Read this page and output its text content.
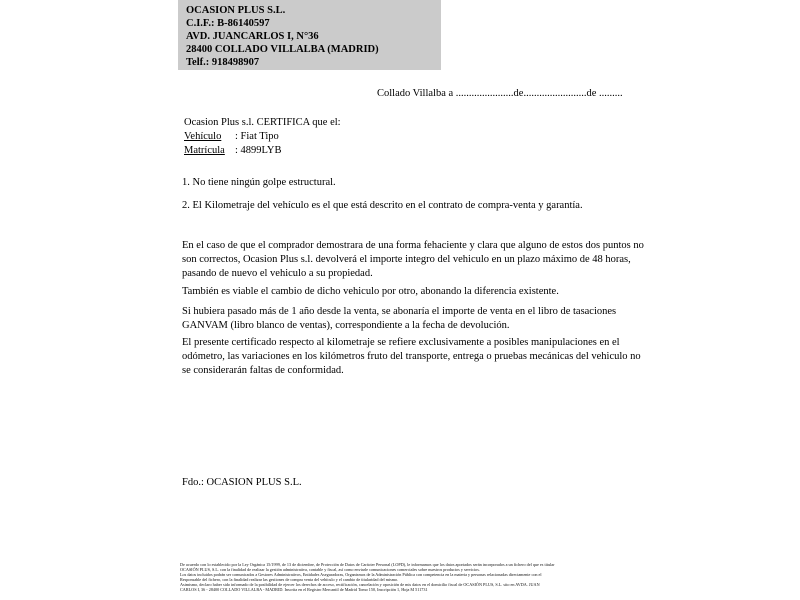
OCASION PLUS S.L.
C.I.F.: B-86140597
AVD. JUANCARLOS I, N°36
28400 COLLADO VILLALBA (MADRID)
Telf.: 918498907
Collado Villalba a ......................de........................de .........
Ocasion Plus s.l. CERTIFICA que el:
Vehículo : Fiat Tipo
Matrícula : 4899LYB
1. No tiene ningún golpe estructural.
2. El Kilometraje del vehículo es el que está descrito en el contrato de compra-venta y garantía.
En el caso de que el comprador demostrara de una forma fehaciente y clara que alguno de estos dos puntos no
son correctos, Ocasion Plus s.l. devolverá el importe integro del vehiculo en un plazo máximo de 48 horas,
pasando de nuevo el vehiculo a su propiedad.
También es viable el cambio de dicho vehiculo por otro, abonando la diferencia existente.
Si hubiera pasado más de 1 año desde la venta, se abonaría el importe de venta en el libro de tasaciones
GANVAM (libro blanco de ventas), correspondiente a la fecha de devolución.
El presente certificado respecto al kilometraje se refiere exclusivamente a posibles manipulaciones en el
odómetro, las variaciones en los kilómetros fruto del transporte, entrega o pruebas mecánicas del vehiculo no
se considerarán faltas de conformidad.
Fdo.: OCASION PLUS S.L.
De acuerdo con lo establecido por la Ley Orgánica 15/1999, de 13 de diciembre, de Protección de Datos de Carácter Personal (LOPD), le informamos que los datos aportados serán incorporados a un fichero del que es titular
OCASIÓN PLUS, S.L. con la finalidad de realizar la gestión administrativa, contable y fiscal, así como enviarle comunicaciones comerciales sobre nuestros productos y servicios.
Los datos incluidos podrán ser comunicados a Gestores Administrativos, Entidades Aseguradoras, Organismos de la Administración Pública con competencia en la materia y personas relacionadas directamente con el
Responsable del fichero, con la finalidad realizar las gestiones de compra venta del vehículo y el cambio de titularidad del mismo.
Asimismo, declaro haber sido informado de la posibilidad de ejercer los derechos de acceso, rectificación, cancelación y oposición de mis datos en el domicilio fiscal de OCASIÓN PLUS, S.L. sito en AVDA. JUAN
CARLOS I, 36 - 28400 COLLADO VILLALBA - MADRID. Inscrita en el Registro Mercantil de Madrid Tomo 150, Inscripción 1, Hoja M 511731
